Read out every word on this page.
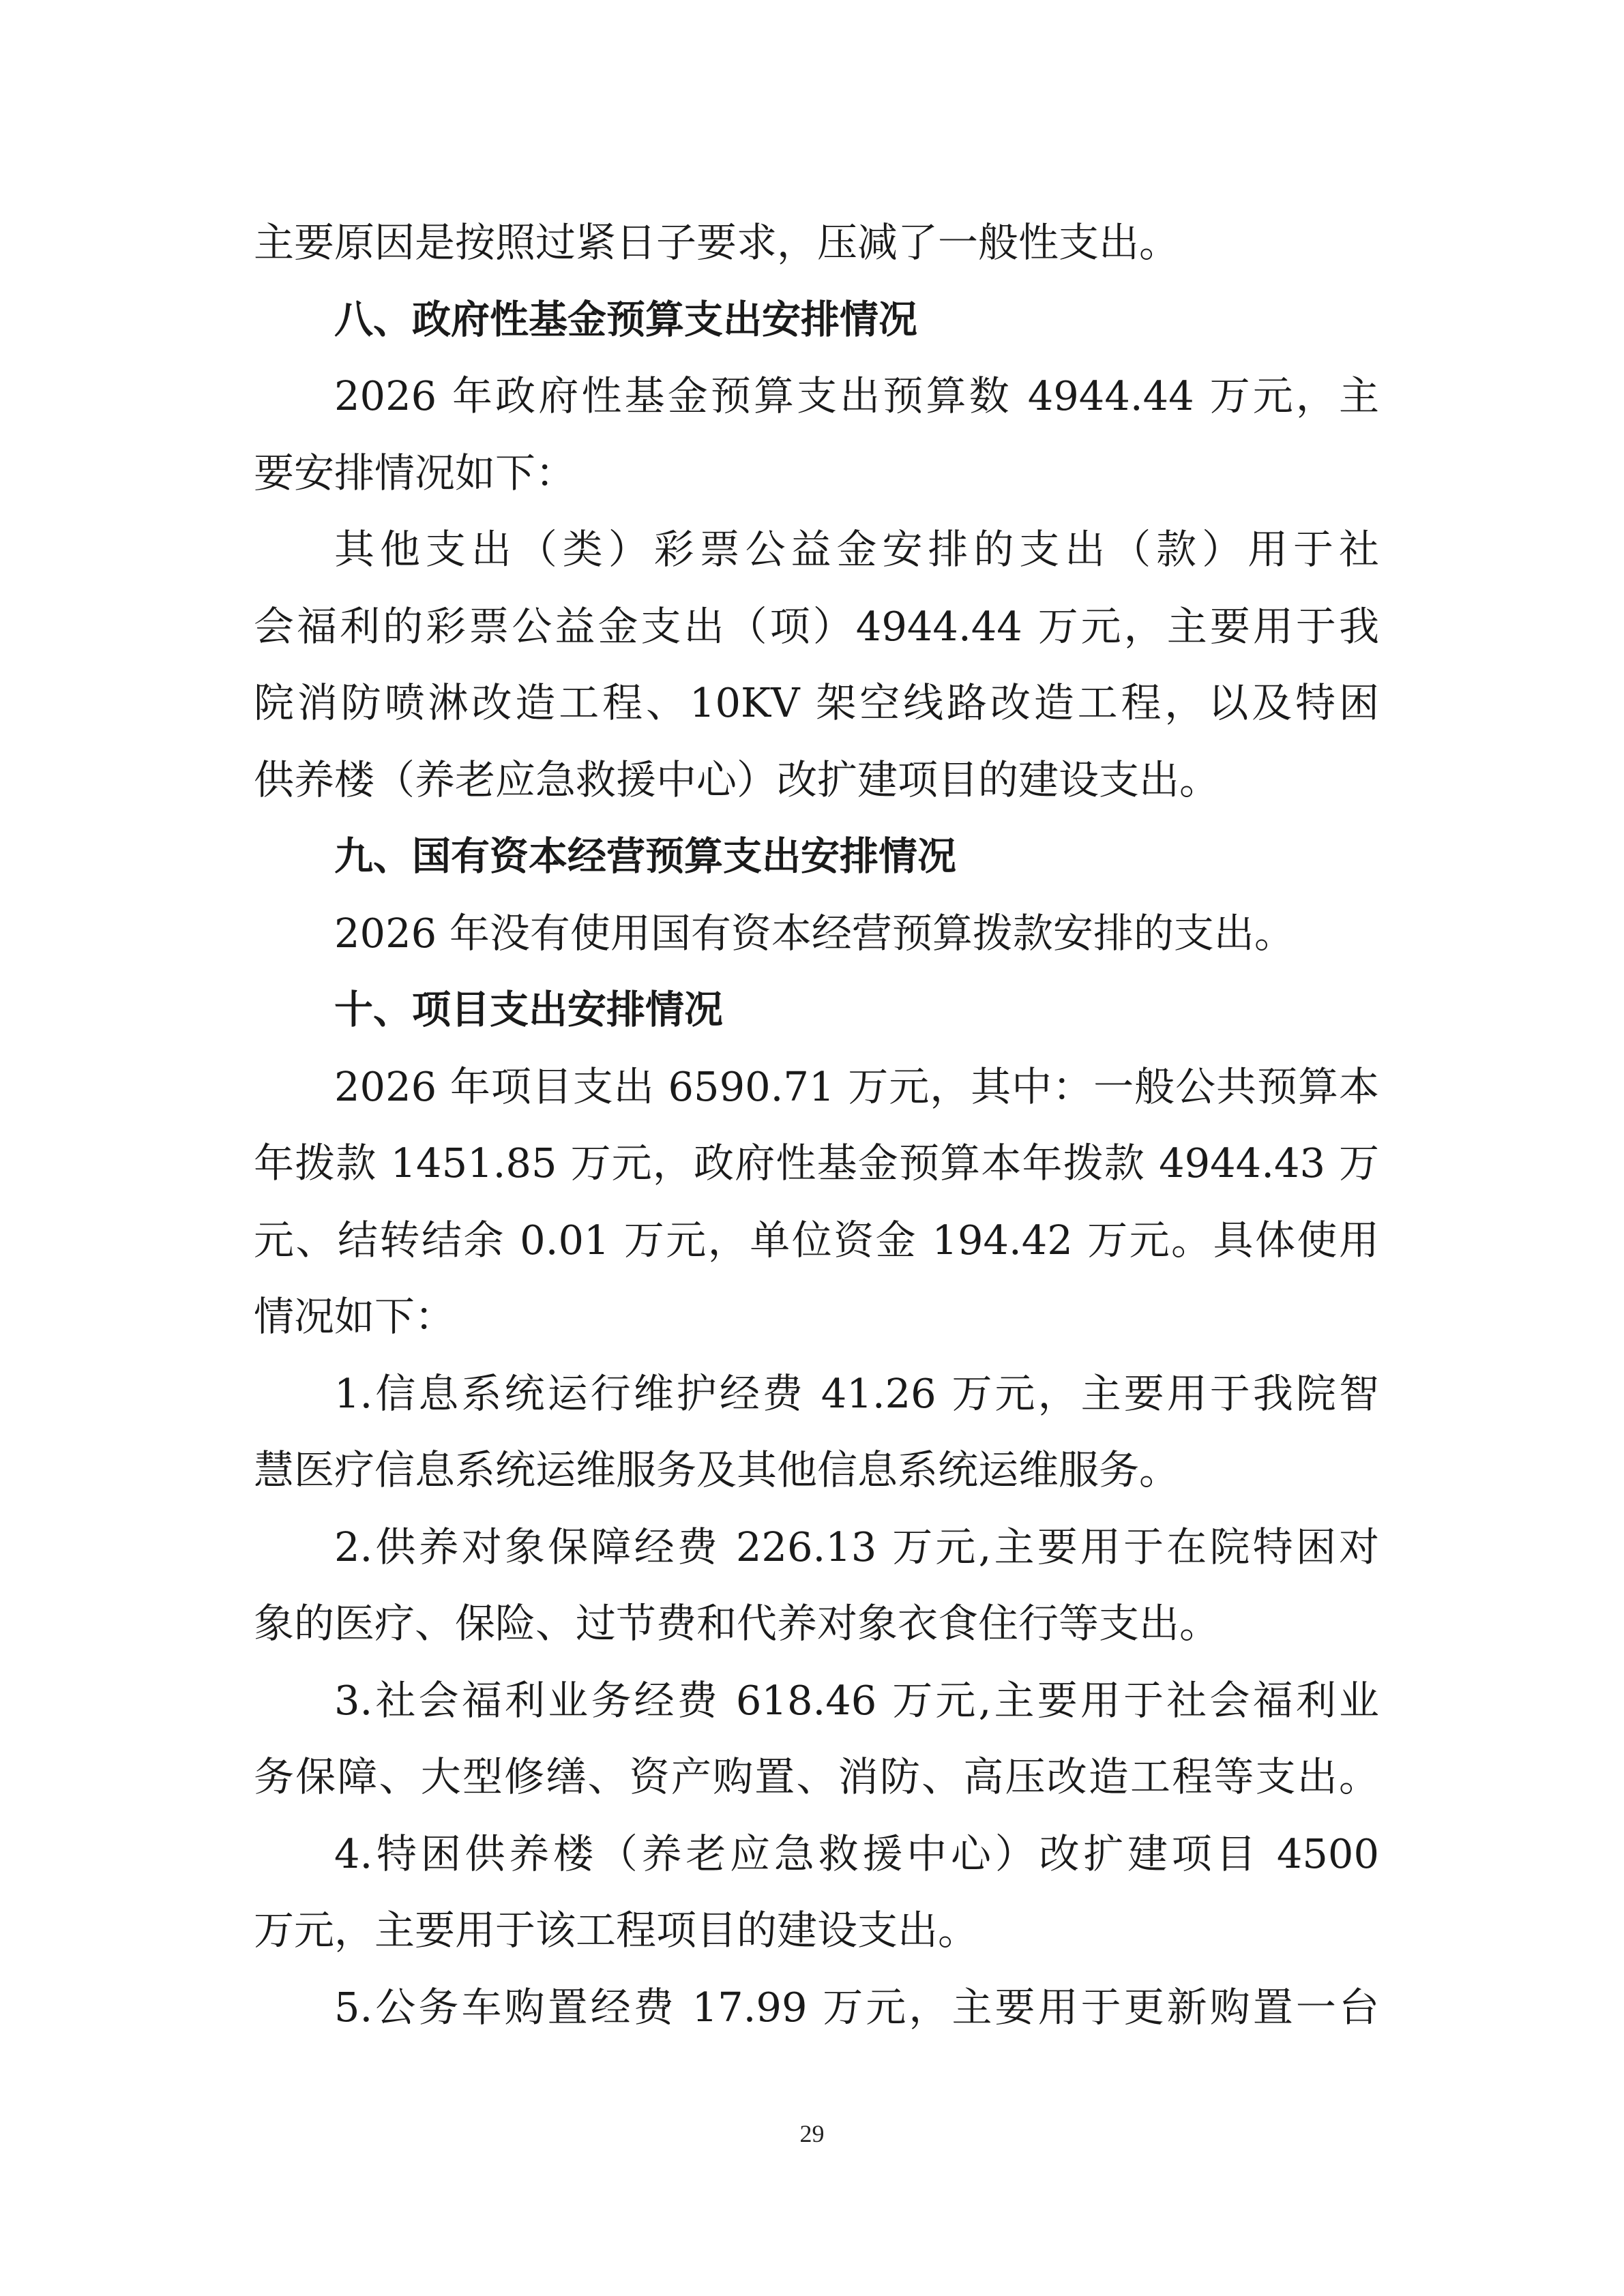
主要原因是按照过紧日子要求，压减了一般性支出。
八、政府性基金预算支出安排情况
2026 年政府性基金预算支出预算数 4944.44 万元，主
要安排情况如下：
其他支出（类）彩票公益金安排的支出（款）用于社
会福利的彩票公益金支出（项）4944.44 万元，主要用于我
院消防喷淋改造工程、10KV 架空线路改造工程，以及特困
供养楼（养老应急救援中心）改扩建项目的建设支出。
九、国有资本经营预算支出安排情况
2026 年没有使用国有资本经营预算拨款安排的支出。
十、项目支出安排情况
2026 年项目支出 6590.71 万元，其中：一般公共预算本
年拨款 1451.85 万元，政府性基金预算本年拨款 4944.43 万
元、结转结余 0.01 万元，单位资金 194.42 万元。具体使用
情况如下：
1.信息系统运行维护经费 41.26 万元，主要用于我院智
慧医疗信息系统运维服务及其他信息系统运维服务。
2.供养对象保障经费 226.13 万元,主要用于在院特困对
象的医疗、保险、过节费和代养对象衣食住行等支出。
3.社会福利业务经费 618.46 万元,主要用于社会福利业
务保障、大型修缮、资产购置、消防、高压改造工程等支出。
4.特困供养楼（养老应急救援中心）改扩建项目 4500
万元，主要用于该工程项目的建设支出。
5.公务车购置经费 17.99 万元，主要用于更新购置一台
29
